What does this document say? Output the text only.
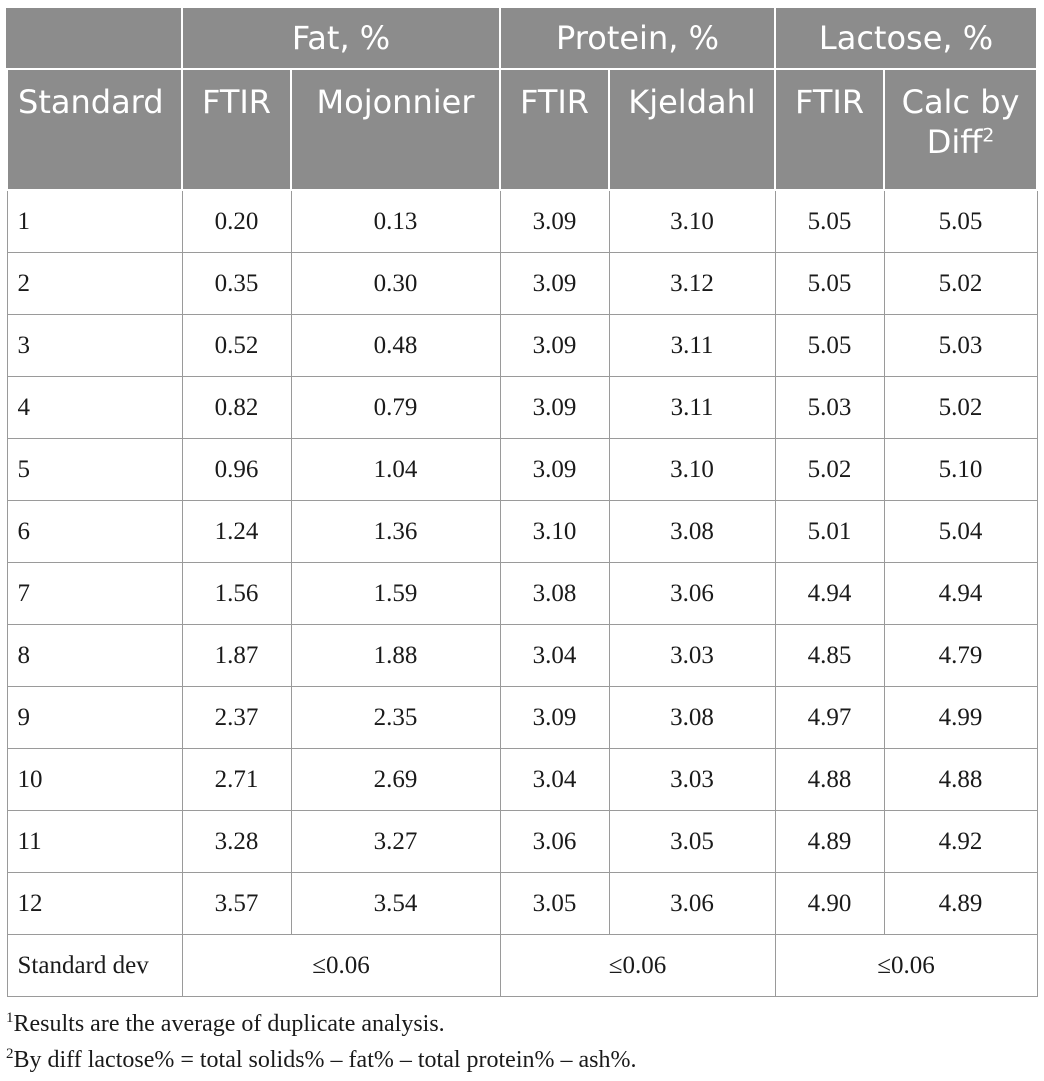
	Fat, %		Protein, %		Lactose, %	
Standard	FTIR	Mojonnier	FTIR	Kjeldahl	FTIR	Calc by Diff$^2$
1	0.20	0.13	3.09	3.10	5.05	5.05
2	0.35	0.30	3.09	3.12	5.05	5.02
3	0.52	0.48	3.09	3.11	5.05	5.03
4	0.82	0.79	3.09	3.11	5.03	5.02
5	0.96	1.04	3.09	3.10	5.02	5.10
6	1.24	1.36	3.10	3.08	5.01	5.04
7	1.56	1.59	3.08	3.06	4.94	4.94
8	1.87	1.88	3.04	3.03	4.85	4.79
9	2.37	2.35	3.09	3.08	4.97	4.99
10	2.71	2.69	3.04	3.03	4.88	4.88
11	3.28	3.27	3.06	3.05	4.89	4.92
12	3.57	3.54	3.05	3.06	4.90	4.89
Standard dev	≤0.06		≤0.06		≤0.06	
$^1$Results are the average of duplicate analysis.
$^2$By diff lactose% = total solids% – fat% – total protein% – ash%.
